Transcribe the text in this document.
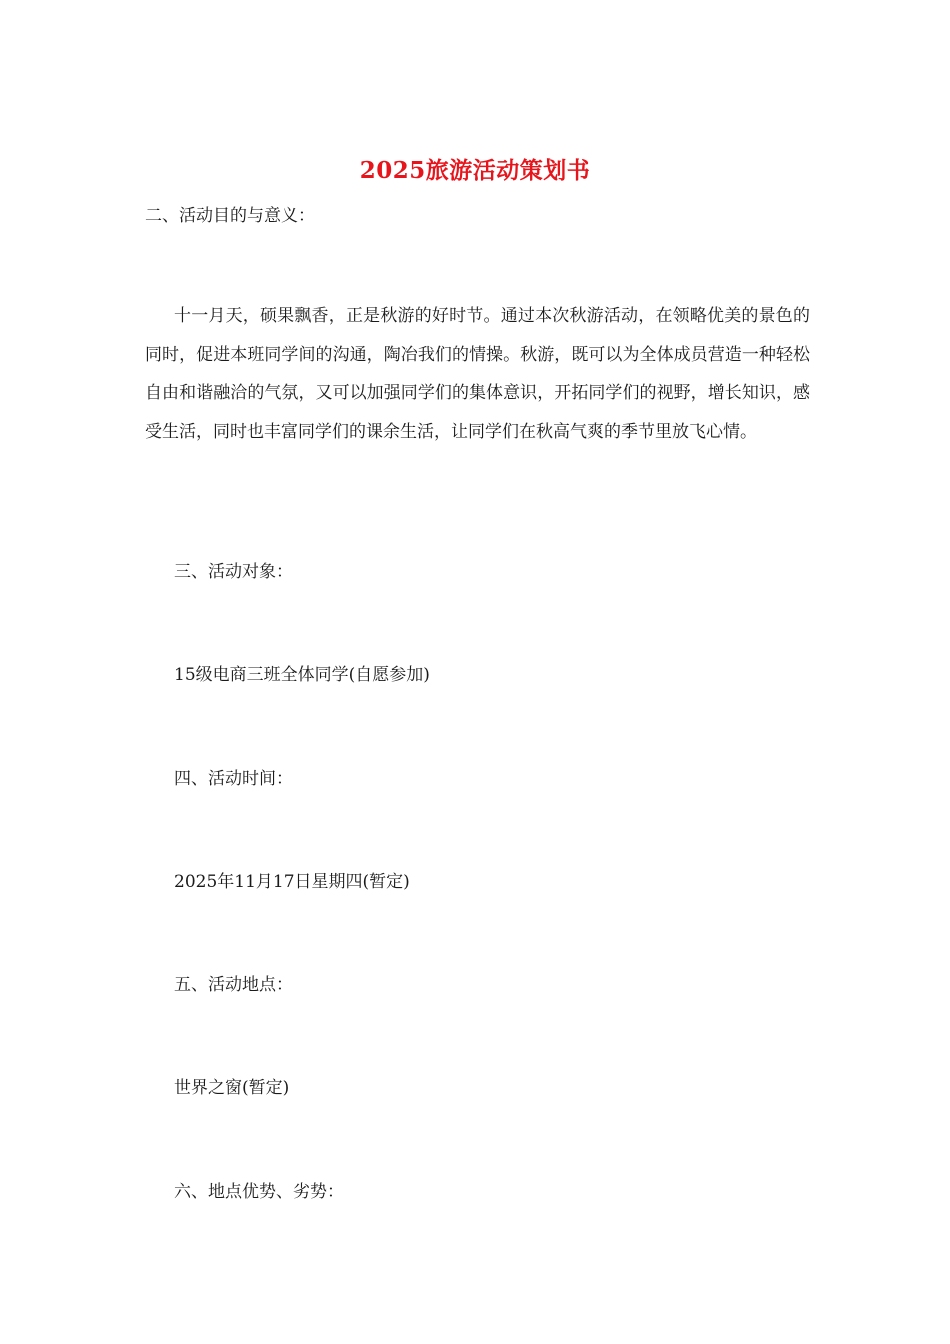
2025旅游活动策划书
二、活动目的与意义：
十一月天，硕果飘香，正是秋游的好时节。通过本次秋游活动，在领略优美的景色的同时，促进本班同学间的沟通，陶冶我们的情操。秋游，既可以为全体成员营造一种轻松自由和谐融洽的气氛，又可以加强同学们的集体意识，开拓同学们的视野，增长知识，感受生活，同时也丰富同学们的课余生活，让同学们在秋高气爽的季节里放飞心情。
三、活动对象：
15级电商三班全体同学(自愿参加)
四、活动时间：
2025年11月17日星期四(暂定)
五、活动地点：
世界之窗(暂定)
六、地点优势、劣势：
